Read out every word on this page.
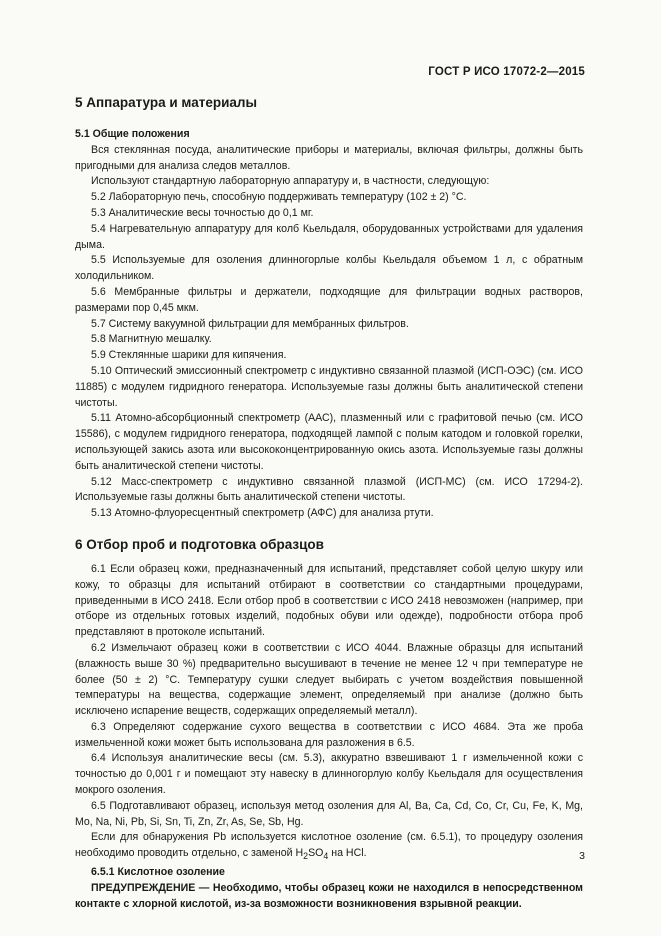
ГОСТ Р ИСО 17072-2—2015
5 Аппаратура и материалы
5.1 Общие положения

Вся стеклянная посуда, аналитические приборы и материалы, включая фильтры, должны быть пригодными для анализа следов металлов.

Используют стандартную лабораторную аппаратуру и, в частности, следующую:

5.2 Лабораторную печь, способную поддерживать температуру (102 ± 2) °С.

5.3 Аналитические весы точностью до 0,1 мг.

5.4 Нагревательную аппаратуру для колб Кьельдаля, оборудованных устройствами для удаления дыма.

5.5 Используемые для озоления длинногорлые колбы Кьельдаля объемом 1 л, с обратным холодильником.

5.6 Мембранные фильтры и держатели, подходящие для фильтрации водных растворов, размерами пор 0,45 мкм.

5.7 Систему вакуумной фильтрации для мембранных фильтров.

5.8 Магнитную мешалку.

5.9 Стеклянные шарики для кипячения.

5.10 Оптический эмиссионный спектрометр с индуктивно связанной плазмой (ИСП-ОЭС) (см. ИСО 11885) с модулем гидридного генератора. Используемые газы должны быть аналитической степени чистоты.

5.11 Атомно-абсорбционный спектрометр (ААС), плазменный или с графитовой печью (см. ИСО 15586), с модулем гидридного генератора, подходящей лампой с полым катодом и головкой горелки, использующей закись азота или высококонцентрированную окись азота. Используемые газы должны быть аналитической степени чистоты.

5.12 Масс-спектрометр с индуктивно связанной плазмой (ИСП-МС) (см. ИСО 17294-2). Используемые газы должны быть аналитической степени чистоты.

5.13 Атомно-флуоресцентный спектрометр (АФС) для анализа ртути.

6 Отбор проб и подготовка образцов

6.1 Если образец кожи, предназначенный для испытаний, представляет собой целую шкуру или кожу, то образцы для испытаний отбирают в соответствии со стандартными процедурами, приведенными в ИСО 2418. Если отбор проб в соответствии с ИСО 2418 невозможен (например, при отборе из отдельных готовых изделий, подобных обуви или одежде), подробности отбора проб представляют в протоколе испытаний.

6.2 Измельчают образец кожи в соответствии с ИСО 4044. Влажные образцы для испытаний (влажность выше 30 %) предварительно высушивают в течение не менее 12 ч при температуре не более (50 ± 2) °С. Температуру сушки следует выбирать с учетом воздействия повышенной температуры на вещества, содержащие элемент, определяемый при анализе (должно быть исключено испарение веществ, содержащих определяемый металл).

6.3 Определяют содержание сухого вещества в соответствии с ИСО 4684. Эта же проба измельченной кожи может быть использована для разложения в 6.5.

6.4 Используя аналитические весы (см. 5.3), аккуратно взвешивают 1 г измельченной кожи с точностью до 0,001 г и помещают эту навеску в длинногорлую колбу Кьельдаля для осуществления мокрого озоления.

6.5 Подготавливают образец, используя метод озоления для Al, Ba, Ca, Cd, Co, Cr, Cu, Fe, K, Mg, Mo, Na, Ni, Pb, Si, Sn, Ti, Zn, Zr, As, Se, Sb, Hg.

Если для обнаружения Pb используется кислотное озоление (см. 6.5.1), то процедуру озоления необходимо проводить отдельно, с заменой $H_2SO_4$ на HCl.

6.5.1 Кислотное озоление

ПРЕДУПРЕЖДЕНИЕ — Необходимо, чтобы образец кожи не находился в непосредственном контакте с хлорной кислотой, из-за возможности возникновения взрывной реакции.

3
